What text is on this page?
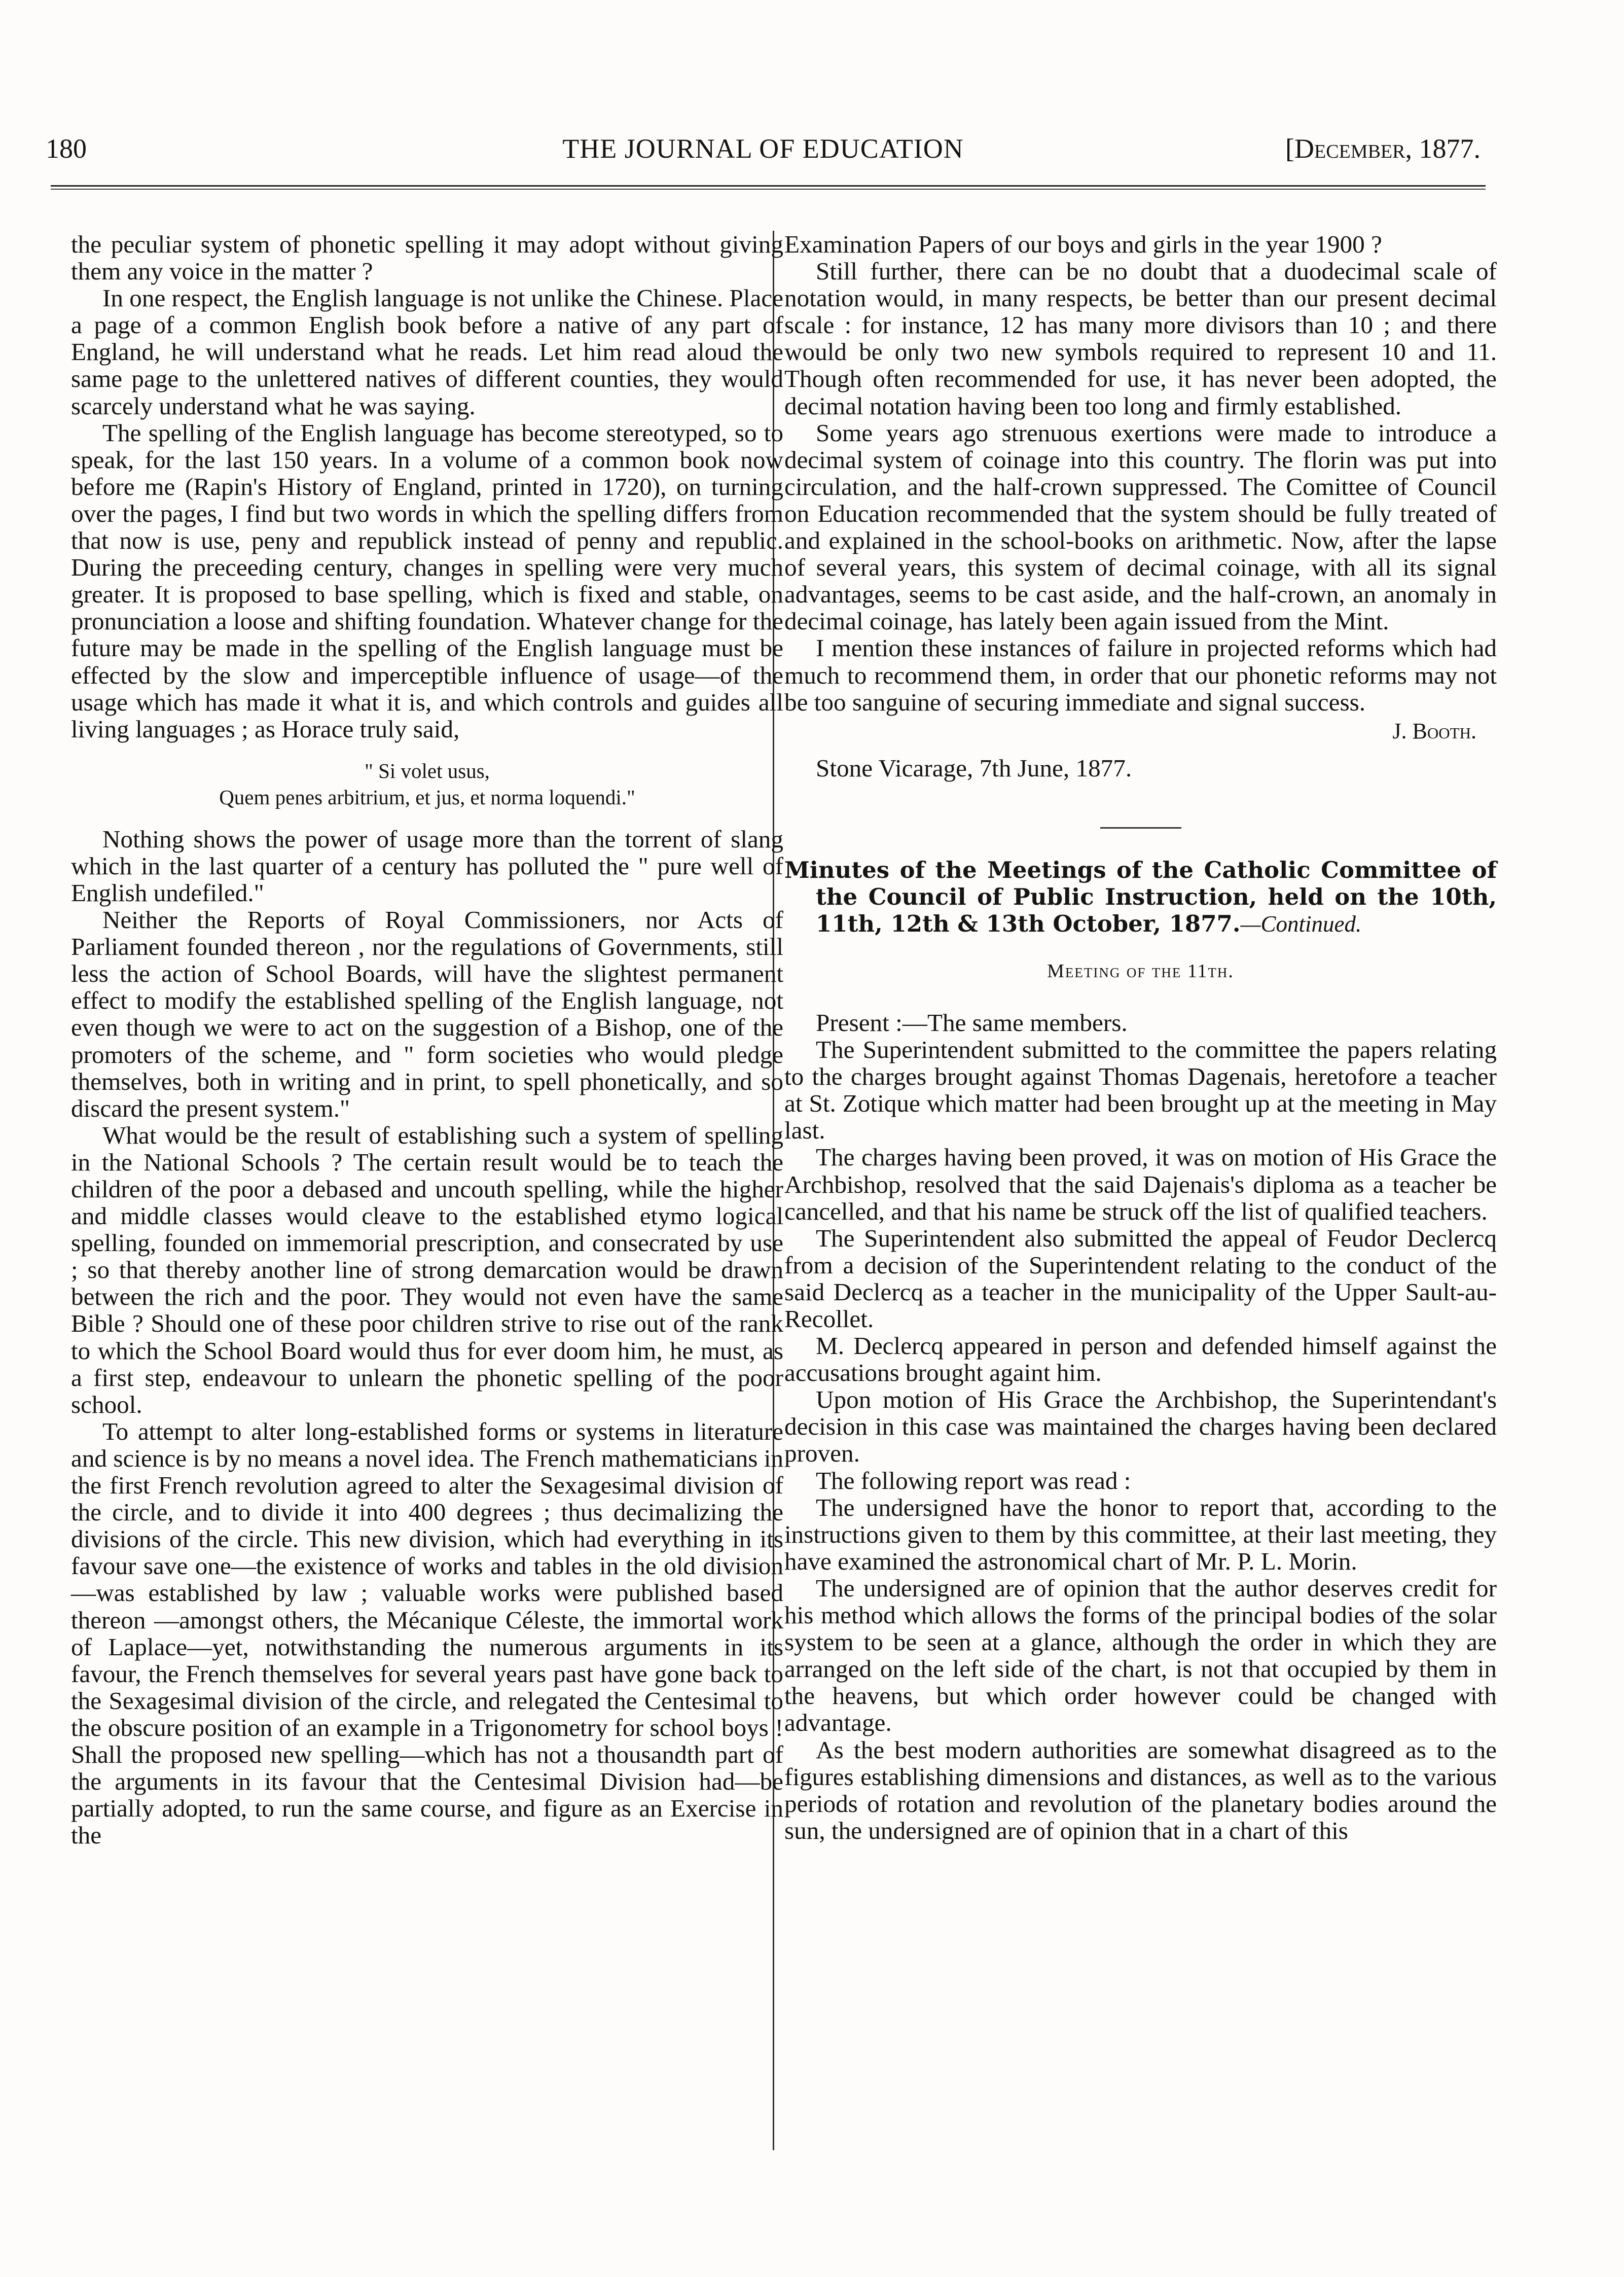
180	THE JOURNAL OF EDUCATION	[December, 1877.

the peculiar system of phonetic spelling it may adopt without giving them any voice in the matter ?

In one respect, the English language is not unlike the Chinese. Place a page of a common English book before a native of any part of England, he will understand what he reads. Let him read aloud the same page to the unlettered natives of different counties, they would scarcely understand what he was saying.

The spelling of the English language has become stereotyped, so to speak, for the last 150 years. In a volume of a common book now before me (Rapin's History of England, printed in 1720), on turning over the pages, I find but two words in which the spelling differs from that now is use, peny and republick instead of penny and republic. During the preceeding century, changes in spelling were very much greater. It is proposed to base spelling, which is fixed and stable, on pronunciation a loose and shifting foundation. Whatever change for the future may be made in the spelling of the English language must be effected by the slow and imperceptible influence of usage—of the usage which has made it what it is, and which controls and guides all living languages ; as Horace truly said,

" Si volet usus,
Quem penes arbitrium, et jus, et norma loquendi."

Nothing shows the power of usage more than the torrent of slang which in the last quarter of a century has polluted the " pure well of English undefiled."

Neither the Reports of Royal Commissioners, nor Acts of Parliament founded thereon , nor the regulations of Governments, still less the action of School Boards, will have the slightest permanent effect to modify the established spelling of the English language, not even though we were to act on the suggestion of a Bishop, one of the promoters of the scheme, and " form societies who would pledge themselves, both in writing and in print, to spell phonetically, and so discard the present system."

What would be the result of establishing such a system of spelling in the National Schools ? The certain result would be to teach the children of the poor a debased and uncouth spelling, while the higher and middle classes would cleave to the established etymo logical spelling, founded on immemorial prescription, and consecrated by use ; so that thereby another line of strong demarcation would be drawn between the rich and the poor. They would not even have the same Bible ? Should one of these poor children strive to rise out of the rank to which the School Board would thus for ever doom him, he must, as a first step, endeavour to unlearn the phonetic spelling of the poor school.

To attempt to alter long-established forms or systems in literature and science is by no means a novel idea. The French mathematicians in the first French revolution agreed to alter the Sexagesimal division of the circle, and to divide it into 400 degrees ; thus decimalizing the divisions of the circle. This new division, which had everything in its favour save one—the existence of works and tables in the old division—was established by law ; valuable works were published based thereon —amongst others, the Mécanique Céleste, the immortal work of Laplace—yet, notwithstanding the numerous arguments in its favour, the French themselves for several years past have gone back to the Sexagesimal division of the circle, and relegated the Centesimal to the obscure position of an example in a Trigonometry for school boys ! Shall the proposed new spelling—which has not a thousandth part of the arguments in its favour that the Centesimal Division had—be partially adopted, to run the same course, and figure as an Exercise in the

Examination Papers of our boys and girls in the year 1900 ?

Still further, there can be no doubt that a duodecimal scale of notation would, in many respects, be better than our present decimal scale : for instance, 12 has many more divisors than 10 ; and there would be only two new symbols required to represent 10 and 11. Though often recommended for use, it has never been adopted, the decimal notation having been too long and firmly established.

Some years ago strenuous exertions were made to introduce a decimal system of coinage into this country. The florin was put into circulation, and the half-crown suppressed. The Comittee of Council on Education recommended that the system should be fully treated of and explained in the school-books on arithmetic. Now, after the lapse of several years, this system of decimal coinage, with all its signal advantages, seems to be cast aside, and the half-crown, an anomaly in decimal coinage, has lately been again issued from the Mint.

I mention these instances of failure in projected reforms which had much to recommend them, in order that our phonetic reforms may not be too sanguine of securing immediate and signal success.

J. Booth.

Stone Vicarage, 7th June, 1877.

Minutes of the Meetings of the Catholic Committee of the Council of Public Instruction, held on the 10th, 11th, 12th & 13th October, 1877.—Continued.
Meeting of the 11th.

Present :—The same members.

The Superintendent submitted to the committee the papers relating to the charges brought against Thomas Dagenais, heretofore a teacher at St. Zotique which matter had been brought up at the meeting in May last.

The charges having been proved, it was on motion of His Grace the Archbishop, resolved that the said Dajenais's diploma as a teacher be cancelled, and that his name be struck off the list of qualified teachers.

The Superintendent also submitted the appeal of Feudor Declercq from a decision of the Superintendent relating to the conduct of the said Declercq as a teacher in the municipality of the Upper Sault-au-Recollet.

M. Declercq appeared in person and defended himself against the accusations brought againt him.

Upon motion of His Grace the Archbishop, the Superintendant's decision in this case was maintained the charges having been declared proven.

The following report was read :

The undersigned have the honor to report that, according to the instructions given to them by this committee, at their last meeting, they have examined the astronomical chart of Mr. P. L. Morin.

The undersigned are of opinion that the author deserves credit for his method which allows the forms of the principal bodies of the solar system to be seen at a glance, although the order in which they are arranged on the left side of the chart, is not that occupied by them in the heavens, but which order however could be changed with advantage.

As the best modern authorities are somewhat disagreed as to the figures establishing dimensions and distances, as well as to the various periods of rotation and revolution of the planetary bodies around the sun, the undersigned are of opinion that in a chart of this
